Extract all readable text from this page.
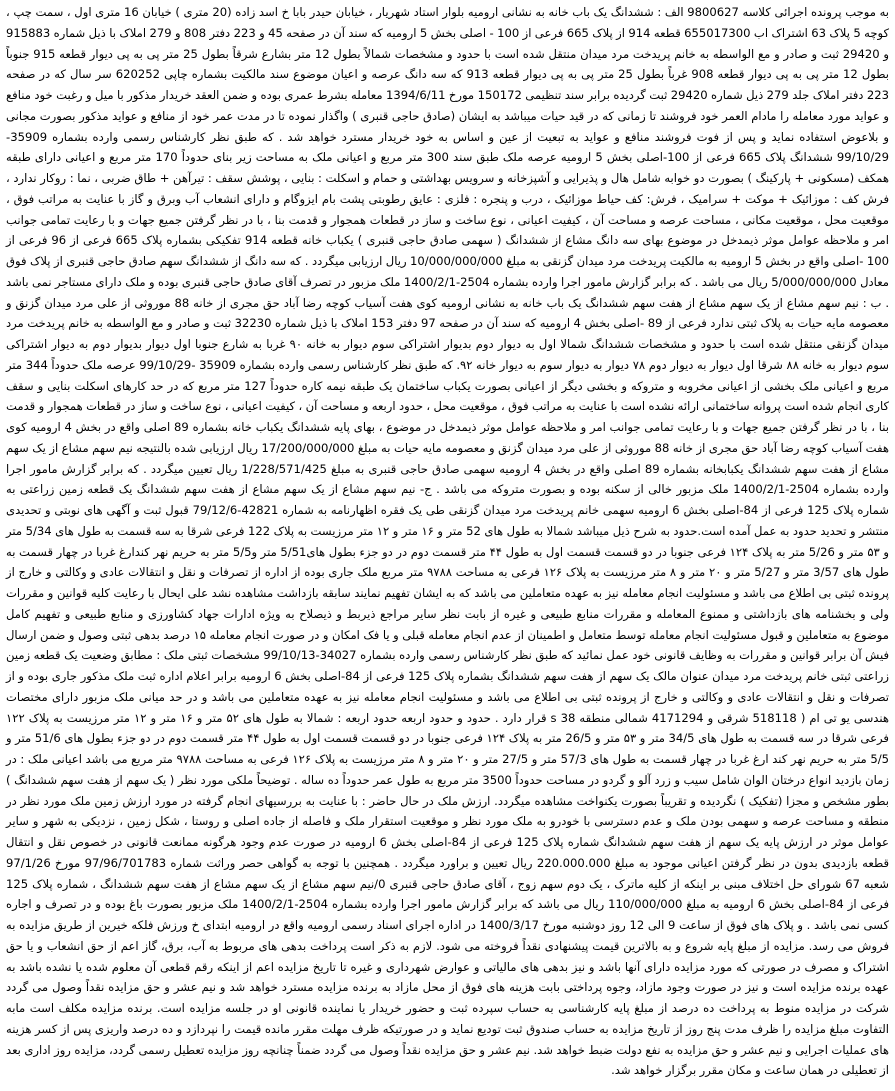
به موجب پرونده اجرائی کلاسه 9800627 الف : ششدانگ یک باب خانه به نشانی ارومیه بلوار استاد شهریار ، خیابان حیدر بابا خ اسد زاده (20 متری ) خیابان 16 متری اول ، سمت چپ ، کوچه 5 پلاک 63 اشتراک اب 655017300 قطعه 914 از پلاک 665 فرعی از 100 - اصلی بخش 5 ارومیه که سند آن در صفحه 45 و 223 دفتر 808 و 279 املاک با ذیل شماره 915883 و 29420 ثبت و صادر و مع الواسطه به خانم پریدخت مرد میدان منتقل شده است با حدود و مشخصات شمالاً بطول 12 متر بشارع شرقاً بطول 25 متر پی به پی دیوار قطعه 915 جنوباً بطول 12 متر پی به پی دیوار قطعه 908 غرباً بطول 25 متر پی به پی دیوار قطعه 913 که سه دانگ عرصه و اعیان موضوع سند مالکیت بشماره چاپی 620252 سر سال که در صفحه 223 دفتر املاک جلد 279 ذیل شماره 29420 ثبت گردیده برابر سند تنظیمی 150172 مورخ 1394/6/11 معامله بشرط عمری بوده و ضمن العقد خریدار مذکور با میل و رغبت خود منافع و عواید مورد معامله را مادام العمر خود فروشند تا زمانی که در قید حیات میباشد به ایشان (صادق حاجی قنبری ) واگذار نموده تا در مدت عمر خود از منافع و عواید مذکور بصورت مجانی و بلاعوض استفاده نماید و پس از فوت فروشند منافع و عواید به تبعیت از عین و اساس به خود خریدار مسترد خواهد شد . که طبق نظر کارشناس رسمی وارده بشماره 35909-99/10/29 ششدانگ پلاک 665 فرعی از 100-اصلی بخش 5 ارومیه عرصه ملک طبق سند 300 متر مربع و اعیانی ملک به مساحت زیر بنای حدوداً 170 متر مربع و اعیانی دارای طبقه همکف (مسکونی + پارکینگ ) بصورت دو خوابه شامل هال و پذیرایی و آشپزخانه و سرویس بهداشتی و حمام و اسکلت : بنایی ، پوشش سقف : تیرآهن + طاق ضربی ، نما : روکار ندارد ، فرش کف : موزائیک + موکت + سرامیک ، فرش: کف حیاط موزائیک ، درب و پنجره : فلزی : عایق رطوبتی پشت بام ایزوگام و دارای انشعاب آب وبرق و گاز با عنایت به مراتب فوق ، موقعیت محل ، موقعیت مکانی ، مساحت عرصه و مساحت آن ، کیفیت اعیانی ، نوع ساخت و ساز در قطعات همجوار و قدمت بنا ، با در نظر گرفتن جمیع جهات و با رعایت تمامی جوانب امر و ملاحظه عوامل موثر ذیمدخل در موضوع بهای سه دانگ مشاع از ششدانگ ( سهمی صادق حاجی قنبری ) یکباب خانه قطعه 914 تفکیکی بشماره پلاک 665 فرعی از 96 فرعی از 100 -اصلی واقع در بخش 5 ارومیه به مالکیت پریدخت مرد میدان گزنقی به مبلغ 10/000/000/000 ریال ارزیابی میگردد . که سه دانگ از ششدانگ سهم صادق حاجی قنبری از پلاک فوق معادل 5/000/000/000 ریال می باشد . که برابر گزارش مامور اجرا وارده بشماره 2504-1400/2/1 ملک مزبور در تصرف آقای صادق حاجی قنبری بوده و ملک دارای مستاجر نمی باشد . ب : نیم سهم مشاع از یک سهم مشاع از هفت سهم ششدانگ یک باب خانه به نشانی ارومیه کوی هفت آسیاب کوچه رضا آباد حق مجری از خانه 88 موروثی از علی مرد میدان گزنق و معصومه مایه حیات به پلاک ثبتی ندارد فرعی از 89 -اصلی بخش 4 ارومیه که سند آن در صفحه 97 دفتر 153 املاک با ذیل شماره 32230 ثبت و صادر و مع الواسطه به خانم پریدخت مرد میدان گزنقی منتقل شده است با حدود و مشخصات ششدانگ شمالا اول به دیوار دوم بدیوار اشتراکی سوم دیوار به خانه ۹۰ غربا به شارع جنوبا اول دیوار بدیوار دوم به دیوار اشتراکی سوم دیوار به خانه ۸۸ شرقا اول دیوار به دیوار دوم ۷۸ دیوار به دیوار سوم به دیوار خانه ۹۲. که طبق نظر کارشناس رسمی وارده بشماره 35909 -99/10/29 عرصه ملک حدوداً 344 متر مربع و اعیانی ملک بخشی از اعیانی مخروبه و متروکه و بخشی دیگر از اعیانی بصورت یکباب ساختمان یک طبقه نیمه کاره حدوداً 127 متر مربع که در حد کارهای اسکلت بنایی و سقف کاری انجام شده است پروانه ساختمانی ارائه نشده است با عنایت به مراتب فوق ، موقعیت محل ، حدود اربعه و مساحت آن ، کیفیت اعیانی ، نوع ساخت و ساز در قطعات همجوار و قدمت بنا ، با در نظر گرفتن جمیع جهات و با رعایت تمامی جوانب امر و ملاحظه عوامل موثر ذیمدخل در موضوع ، بهای پایه ششدانگ یکباب خانه بشماره 89 اصلی واقع در بخش 4 ارومیه کوی هفت آسیاب کوچه رضا آباد حق مجری از خانه 88 موروثی از علی مرد میدان گزنق و معصومه مایه حیات به مبلغ 17/200/000/000 ریال ارزیابی شده بالنتیجه نیم سهم مشاع از یک سهم مشاع از هفت سهم ششدانگ یکبابخانه بشماره 89 اصلی واقع در بخش 4 ارومیه سهمی صادق حاجی قنبری به مبلغ 1/228/571/425 ریال تعیین میگردد . که برابر گزارش مامور اجرا وارده بشماره 2504-1400/2/1 ملک مزبور خالی از سکنه بوده و بصورت متروکه می باشد . ج- نیم سهم مشاع از یک سهم مشاع از هفت سهم ششدانگ یک قطعه زمین زراعتی به شماره پلاک 125 فرعی از 84-اصلی بخش 6 ارومیه سهمی خانم پریدخت مرد میدان گزنقی طی یک فقره اظهارنامه به شماره 42821-79/12/6 قبول ثبت و آگهی های نوبتی و تحدیدی منتشر و تحدید حدود به عمل آمده است.حدود به شرح ذیل میباشد شمالا به طول های 52 متر و ۱۶ متر و ۱۲ متر مرزیست به پلاک 122 فرعی شرقا به سه قسمت به طول های 5/34 متر و ۵۳ متر و 5/26 متر به پلاک ۱۲۴ فرعی جنوبا در دو قسمت قسمت اول به طول ۴۴ متر قسمت دوم در دو جزء بطول های5/51 متر و5/5 متر به حریم نهر کندارغ غربا در چهار قسمت به طول های 3/57 متر و 5/27 متر و ۲۰ متر و ۸ متر مرزیست به پلاک ۱۲۶ فرعی به مساحت ۹۷۸۸ متر مربع ملک جاری بوده از اداره از تصرفات و نقل و انتقالات عادی و وکالتی و خارج از پرونده ثبتی بی اطلاع می باشد و مسئولیت انجام معامله نیز به عهده متعاملین می باشد که به ایشان تفهیم نمایند سابقه بازداشت مشاهده نشد علی ایحال با رعایت کلیه قوانین و مقررات ولی و بخشنامه های بازداشتی و ممنوع المعامله و مقررات منابع طبیعی و غیره از بابت نظر سایر مراجع ذیربط و ذیصلاح به ویژه ادارات جهاد کشاورزی و منابع طبیعی و تفهیم کامل موضوع به متعاملین و قبول مسئولیت انجام معامله توسط متعامل و اطمینان از عدم انجام معامله قبلی و یا فک امکان و در صورت انجام معامله ۱۵ درصد بدهی ثبتی وصول و ضمن ارسال فیش آن برابر قوانین و مقررات به وظایف قانونی خود عمل نمائید که طبق نظر کارشناس رسمی وارده بشماره 34027-99/10/13 مشخصات ثبتی ملک : مطابق وضعیت یک قطعه زمین زراعتی ثبتی خانم پریدخت مرد میدان عنوان مالک یک سهم از هفت سهم ششدانگ بشماره پلاک 125 فرعی از 84-اصلی بخش 6 ارومیه برابر اعلام اداره ثبت ملک مذکور جاری بوده و از تصرفات و نقل و انتقالات عادی و وکالتی و خارج از پرونده ثبتی بی اطلاع می باشد و مسئولیت انجام معامله نیز به عهده متعاملین می باشد و در حد میانی ملک مزبور دارای مختصات هندسی یو تی ام ( 518118 شرقی و 4171294 شمالی منطقه 38 s قرار دارد . حدود و حدود اربعه حدود اربعه : شمالا به طول های ۵۲ متر و ۱۶ متر و ۱۲ متر مرزیست به پلاک ۱۲۲ فرعی شرقا در سه قسمت به طول های 34/5 متر و ۵۳ متر و 26/5 متر به پلاک ۱۲۴ فرعی جنوبا در دو قسمت قسمت اول به طول ۴۴ متر قسمت دوم در دو جزء بطول های 51/6 متر و 5/5 متر به حریم نهر کند ارغ غربا در چهار قسمت به طول های 57/3 متر و 27/5 متر و ۲۰ متر و ۸ متر مرزیست به پلاک ۱۲۶ فرعی به مساحت ۹۷۸۸ متر مربع می باشد اعیانی ملک : در زمان بازدید انواع درختان الوان شامل سیب و زرد آلو و گردو در مساحت حدوداً 3500 متر مربع به طول عمر حدوداً ده ساله . توضیحاً ملکی مورد نظر ( یک سهم از هفت سهم ششدانگ ) بطور مشخص و مجزا (تفکیک ) نگردیده و تقریباً بصورت یکنواخت مشاهده میگردد. ارزش ملک در حال حاضر : با عنایت به بررسیهای انجام گرفته در مورد ارزش زمین ملک مورد نظر در منطقه و مساحت عرصه و سهمی بودن ملک و عدم دسترسی با خودرو به ملک مورد نظر و موقعیت استقرار ملک و فاصله از جاده اصلی و روستا ، شکل زمین ، نزدیکی به شهر و سایر عوامل موثر در ارزش پایه یک سهم از هفت سهم ششدانگ شماره پلاک 125 فرعی از 84-اصلی بخش 6 ارومیه در صورت عدم وجود هرگونه ممانعت قانونی در خصوص نقل و انتقال قطعه بازدیدی بدون در نظر گرفتن اعیانی موجود به مبلغ 220.000.000 ریال تعیین و براورد میگردد . همچنین با توجه به گواهی حصر وراثت شماره 97/96/701783 مورخ 97/1/26 شعبه 67 شورای حل اختلاف مبنی بر اینکه از کلیه ماترک ، یک دوم سهم زوج ، آقای صادق حاجی قنبری 0/نیم سهم مشاع از یک سهم مشاع از هفت سهم ششدانگ ، شماره پلاک 125 فرعی از 84-اصلی بخش 6 ارومیه به مبلغ 110/000/000 ریال می باشد که برابر گزارش مامور اجرا وارده بشماره 2504-1400/2/1 ملک مزبور بصورت باغ بوده و در تصرف و اجاره کسی نمی باشد . و پلاک های فوق از ساعت 9 الی 12 روز دوشنبه مورخ 1400/3/17 در اداره اجرای اسناد رسمی ارومیه واقع در ارومیه ابتدای خ ورزش فلکه خیرین از طریق مزایده به فروش می رسد. مزایده از مبلغ پایه شروع و به بالاترین قیمت پیشنهادی نقداً فروخته می شود. لازم به ذکر است پرداخت بدهی های مربوط به آب، برق، گاز اعم از حق انشعاب و یا حق اشتراک و مصرف در صورتی که مورد مزایده دارای آنها باشد و نیز بدهی های مالیاتی و عوارض شهرداری و غیره تا تاریخ مزایده اعم از اینکه رقم قطعی آن معلوم شده یا نشده باشد به عهده برنده مزایده است و نیز در صورت وجود مازاد، وجوه پرداختی بابت هزینه های فوق از محل مازاد به برنده مزایده مسترد خواهد شد و نیم عشر و حق مزایده نقداً وصول می گردد شرکت در مزایده منوط به پرداخت ده درصد از مبلغ پایه کارشناسی به حساب سپرده ثبت و حضور خریدار یا نماینده قانونی او در جلسه مزایده است. برنده مزایده مکلف است مابه التفاوت مبلغ مزایده را ظرف مدت پنج روز از تاریخ مزایده به حساب صندوق ثبت تودیع نماید و در صورتیکه ظرف مهلت مقرر مانده قیمت را نپردازد و ده درصد واریزی پس از کسر هزینه های عملیات اجرایی و نیم عشر و حق مزایده به نفع دولت ضبط خواهد شد. نیم عشر و حق مزایده نقداً وصول می گردد ضمناً چنانچه روز مزایده تعطیل رسمی گردد، مزایده روز اداری بعد از تعطیلی در همان ساعت و مکان مقرر برگزار خواهد شد.
